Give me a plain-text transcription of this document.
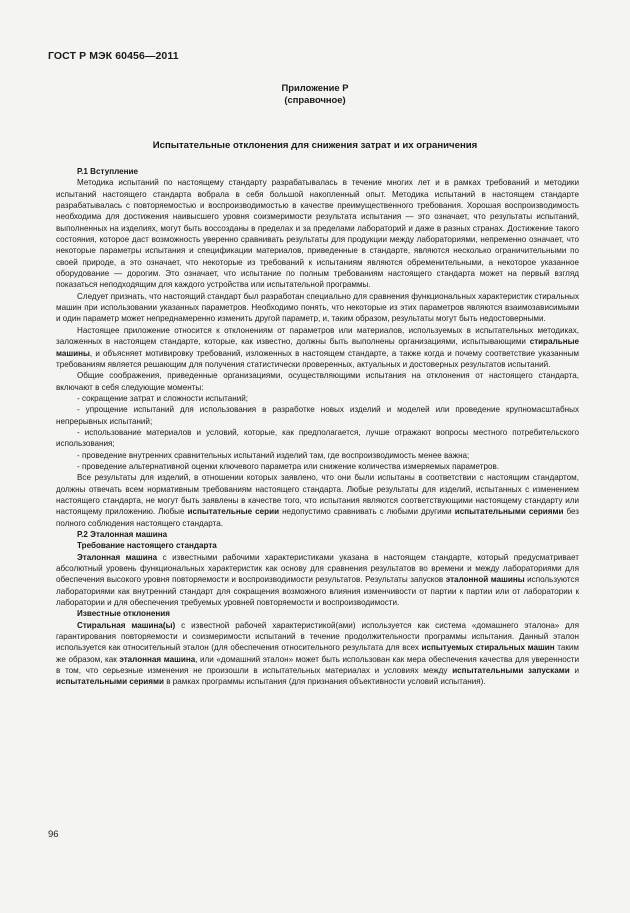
ГОСТ Р МЭК 60456—2011
Приложение Р
(справочное)
Испытательные отклонения для снижения затрат и их ограничения

Р.1 Вступление

Методика испытаний по настоящему стандарту разрабатывалась в течение многих лет и в рамках требований и методики испытаний настоящего стандарта вобрала в себя большой накопленный опыт. Методика испытаний в настоящем стандарте разрабатывалась с повторяемостью и воспроизводимостью в качестве преимущественного требования. Хорошая воспроизводимость необходима для достижения наивысшего уровня соизмеримости результата испытания — это означает, что результаты испытаний, выполненных на изделиях, могут быть воссозданы в пределах и за пределами лабораторий и даже в разных странах. Достижение такого состояния, которое даст возможность уверенно сравнивать результаты для продукции между лабораториями, непременно означает, что некоторые параметры испытания и спецификации материалов, приведенные в стандарте, являются несколько ограничительными по своей природе, а это означает, что некоторые из требований к испытаниям являются обременительными, а некоторое указанное оборудование — дорогим. Это означает, что испытание по полным требованиям настоящего стандарта может на первый взгляд показаться неподходящим для каждого устройства или испытательной программы.

Следует признать, что настоящий стандарт был разработан специально для сравнения функциональных характеристик стиральных машин при использовании указанных параметров. Необходимо понять, что некоторые из этих параметров являются взаимозависимыми и один параметр может непреднамеренно изменить другой параметр, и, таким образом, результаты могут быть недостоверными.

Настоящее приложение относится к отклонениям от параметров или материалов, используемых в испытательных методиках, заложенных в настоящем стандарте, которые, как известно, должны быть выполнены организациями, испытывающими стиральные машины, и объясняет мотивировку требований, изложенных в настоящем стандарте, а также когда и почему соответствие указанным требованиям является решающим для получения статистически проверенных, актуальных и достоверных результатов испытаний.

Общие соображения, приведенные организациями, осуществляющими испытания на отклонения от настоящего стандарта, включают в себя следующие моменты:

- сокращение затрат и сложности испытаний;

- упрощение испытаний для использования в разработке новых изделий и моделей или проведение крупномасштабных непрерывных испытаний;

- использование материалов и условий, которые, как предполагается, лучше отражают вопросы местного потребительского использования;

- проведение внутренних сравнительных испытаний изделий там, где воспроизводимость менее важна;

- проведение альтернативной оценки ключевого параметра или снижение количества измеряемых параметров.

Все результаты для изделий, в отношении которых заявлено, что они были испытаны в соответствии с настоящим стандартом, должны отвечать всем нормативным требованиям настоящего стандарта. Любые результаты для изделий, испытанных с изменением настоящего стандарта, не могут быть заявлены в качестве того, что испытания являются соответствующими настоящему стандарту или настоящему приложению. Любые испытательные серии недопустимо сравнивать с любыми другими испытательными сериями без полного соблюдения настоящего стандарта.

Р.2 Эталонная машина

Требование настоящего стандарта

Эталонная машина с известными рабочими характеристиками указана в настоящем стандарте, который предусматривает абсолютный уровень функциональных характеристик как основу для сравнения результатов во времени и между лабораториями для обеспечения высокого уровня повторяемости и воспроизводимости результатов. Результаты запусков эталонной машины используются лабораториями как внутренний стандарт для сокращения возможного влияния изменчивости от партии к партии или от лаборатории к лаборатории и для обеспечения требуемых уровней повторяемости и воспроизводимости.

Известные отклонения

Стиральная машина(ы) с известной рабочей характеристикой(ами) используется как система «домашнего эталона» для гарантирования повторяемости и соизмеримости испытаний в течение продолжительности программы испытания. Данный эталон используется как относительный эталон (для обеспечения относительного результата для всех испытуемых стиральных машин таким же образом, как эталонная машина, или «домашний эталон» может быть использован как мера обеспечения качества для уверенности в том, что серьезные изменения не произошли в испытательных материалах и условиях между испытательными запусками и испытательными сериями в рамках программы испытания (для признания объективности условий испытания).

96
